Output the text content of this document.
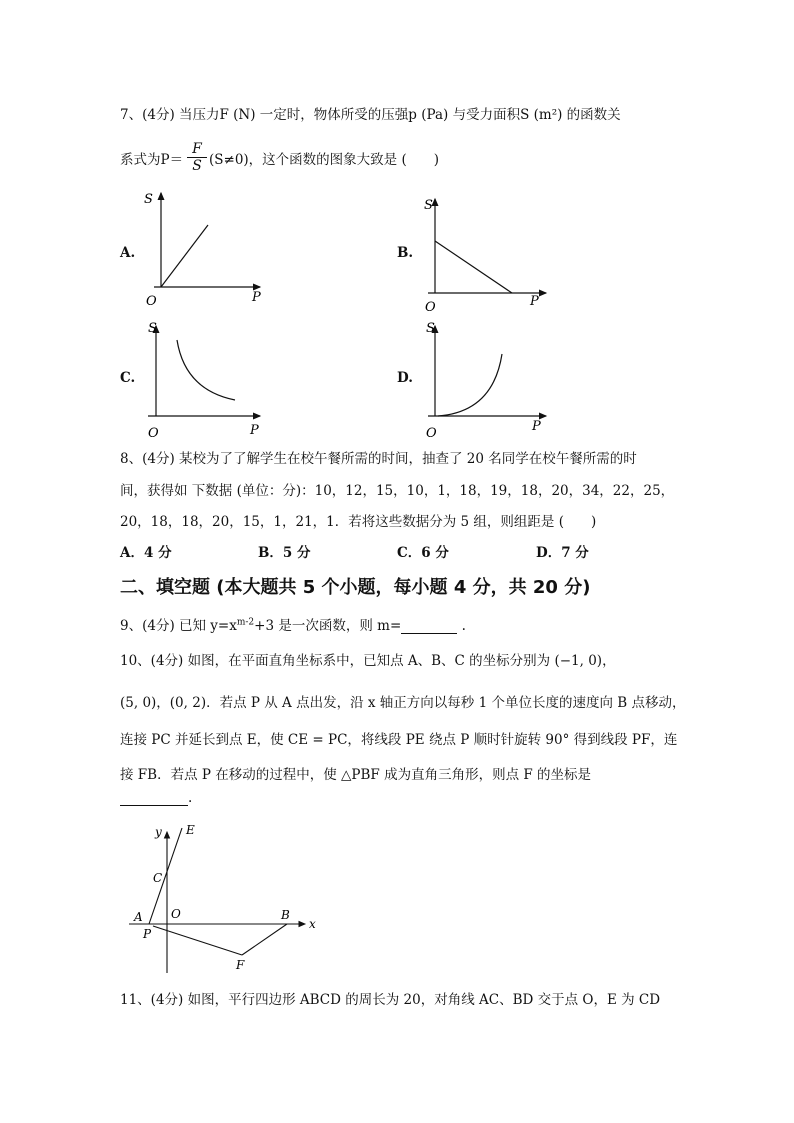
7、(4分) 当压力F (N) 一定时，物体所受的压强p (Pa) 与受力面积S (m²) 的函数关
系式为P＝
F
S (S≠0)，这个函数的图象大致是 (　　)
A.
S
P
O
B.
S
P
O
C.
S
P
O
D.
S
P
O
8、(4分) 某校为了了解学生在校午餐所需的时间，抽查了 20 名同学在校午餐所需的时
间，获得如 下数据 (单位：分)：10，12，15，10，1，18，19，18，20，34，22，25，
20，18，18，20，15，1，21，1．若将这些数据分为 5 组，则组距是 (　　)
A．4 分	B．5 分	C．6 分	D．7 分
二、填空题 (本大题共 5 个小题，每小题 4 分，共 20 分)
9、(4分) 已知 $y=x^{m-2}+3$ 是一次函数，则 m=	.
10、(4分) 如图，在平面直角坐标系中，已知点 A、B、C 的坐标分别为 (−1, 0)，
(5, 0)，(0, 2)．若点 P 从 A 点出发，沿 x 轴正方向以每秒 1 个单位长度的速度向 B 点移动，
连接 PC 并延长到点 E，使 CE = PC，将线段 PE 绕点 P 顺时针旋转 90° 得到线段 PF，连
接 FB．若点 P 在移动的过程中，使 △PBF 成为直角三角形，则点 F 的坐标是
.
y E
C
A O
P
B
x
F
11、(4分) 如图，平行四边形 ABCD 的周长为 20，对角线 AC、BD 交于点 O，E 为 CD
